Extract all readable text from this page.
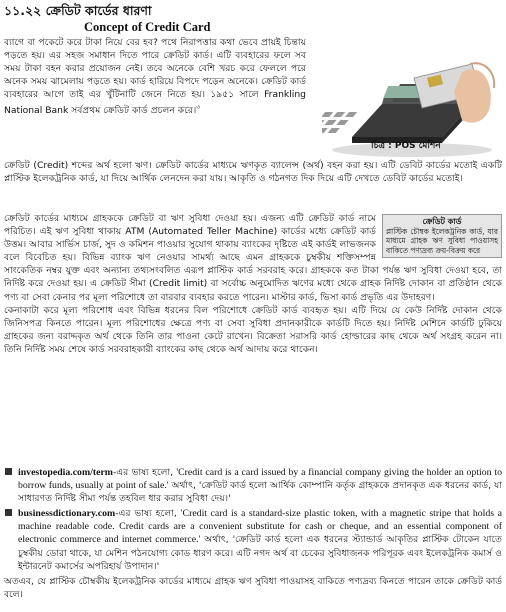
১১.২২ ক্রেডিট কার্ডের ধারণা
Concept of Credit Card
ব্যাগে বা পকেটে করে টাকা নিয়ে বের হব? পথে নিরাপত্তার কথা ভেবে প্রায়ই চিন্তায় পড়তে হয়। এর সহজ সমাধান দিতে পারে ক্রেডিট কার্ড। এটি ব্যবহারের ফলে সব সময় টাকা বহন করার প্রয়োজন নেই। তবে অনেকে বেশি খরচ করে ফেললে পরে অনেক সময় ঝামেলায় পড়তে হয়। কার্ড হারিয়ে বিপদে পড়েন অনেকে। ক্রেডিট কার্ড ব্যবহারের আগে তাই এর খুঁটিনাটি জেনে নিতে হয়। ১৯৫১ সালে Frankling National Bank সর্বপ্রথম ক্রেডিট কার্ড প্রচলন করে।$^৩$
চিত্র : POS মেশিন
ক্রেডিট (Credit) শব্দের অর্থ হলো ঋণ। ক্রেডিট কার্ডের মাধ্যমে ঋণকৃত ব্যালেন্স (অর্থ) বহন করা হয়। এটি ডেবিট কার্ডের মতোই একটি প্লাস্টিক ইলেকট্রনিক কার্ড, যা দিয়ে আর্থিক লেনদেন করা যায়। আকৃতি ও গঠনগত দিক দিয়ে এটি দেখতে ডেবিট কার্ডের মতোই।
ক্রেডিট কার্ড
প্লাস্টিক চৌম্বক ইলেকট্রনিক কার্ড, যার মাধ্যমে গ্রাহক ঋণ সুবিধা পাওয়াসহ বাকিতে পণ্যদ্রব্য ক্রয়-বিক্রয় করে
ক্রেডিট কার্ডের মাধ্যমে গ্রাহককে ক্রেডিট বা ঋণ সুবিধা দেওয়া হয়। এজন্য এটি ক্রেডিট কার্ড নামে পরিচিত। এই ঋণ সুবিধা থাকায় ATM (Automated Teller Machine) কার্ডের মধ্যে ক্রেডিট কার্ড উত্তম। আবার সার্ভিস চার্জ, সুদ ও কমিশন পাওয়ার সুযোগ থাকায় ব্যাংকের দৃষ্টিতে এই কার্ডই লাভজনক বলে বিবেচিত হয়। বিভিন্ন ব্যাংক ঋণ নেওয়ার সামর্থ্য আছে এমন গ্রাহককে চুম্বকীয় শক্তিসম্পন্ন সাংকেতিক নম্বর যুক্ত এবং অন্যান্য তথ্যসংবলিত এরূপ প্লাস্টিক কার্ড সরবরাহ করে। গ্রাহককে কত টাকা পর্যন্ত ঋণ সুবিধা দেওয়া হবে, তা নির্দিষ্ট করে দেওয়া হয়। এ ক্রেডিট সীমা (Credit limit) বা সর্বোচ্চ অনুমোদিত ঋণের মধ্যে থেকে গ্রাহক নির্দিষ্ট দোকান বা প্রতিষ্ঠান থেকে পণ্য বা সেবা কেনার পর মূল্য পরিশোধে তা বারবার ব্যবহার করতে পারেন। মাস্টার কার্ড, ভিসা কার্ড প্রভৃতি এর উদাহরণ।
কেনাকাটা করে মূল্য পরিশোধ এবং বিভিন্ন ধরনের বিল পরিশোধে ক্রেডিট কার্ড ব্যবহৃত হয়। এটি দিয়ে যে কেউ নির্দিষ্ট দোকান থেকে জিনিসপত্র কিনতে পারেন। মূল্য পরিশোধের ক্ষেত্রে পণ্য বা সেবা সুবিধা প্রদানকারীকে কার্ডটি দিতে হয়। নির্দিষ্ট মেশিনে কার্ডটি ঢুকিয়ে গ্রাহকের জন্য বরাদ্দকৃত অর্থ থেকে তিনি তার পাওনা কেটে রাখেন। বিক্রেতা সরাসরি কার্ড হোল্ডারের কাছ থেকে অর্থ সংগ্রহ করেন না। তিনি নির্দিষ্ট সময় শেষে কার্ড সরবরাহকারী ব্যাংকের কাছ থেকে অর্থ আদায় করে থাকেন।
investopedia.com/term-এর ভাষ্য হলো, 'Credit card is a card issued by a financial company giving the holder an option to borrow funds, usually at point of sale.' অর্থাৎ, 'ক্রেডিট কার্ড হলো আর্থিক কোম্পানি কর্তৃক গ্রাহককে প্রদানকৃত এক ধরনের কার্ড, যা সাধারণত নির্দিষ্ট সীমা পর্যন্ত তহবিল ধার করার সুবিধা দেয়।'
businessdictionary.com-এর ভাষ্য হলো, 'Credit card is a standard-size plastic token, with a magnetic stripe that holds a machine readable code. Credit cards are a convenient substitute for cash or cheque, and an essential component of electronic commerce and internet commerce.' অর্থাৎ, 'ক্রেডিট কার্ড হলো এক ধরনের স্ট্যান্ডার্ড আকৃতির প্লাস্টিক টোকেন যাতে চুম্বকীয় ডোরা থাকে, যা মেশিন পঠনযোগ্য কোড ধারণ করে। এটি নগদ অর্থ বা চেকের সুবিধাজনক পরিপূরক এবং ইলেকট্রনিক কমার্স ও ইন্টারনেট কমার্সের অপরিহার্য উপাদান।'
অতএব, যে প্লাস্টিক চৌম্বকীয় ইলেকট্রনিক কার্ডের মাধ্যমে গ্রাহক ঋণ সুবিধা পাওয়াসহ বাকিতে পণ্যদ্রব্য কিনতে পারেন তাকে ক্রেডিট কার্ড বলে।
